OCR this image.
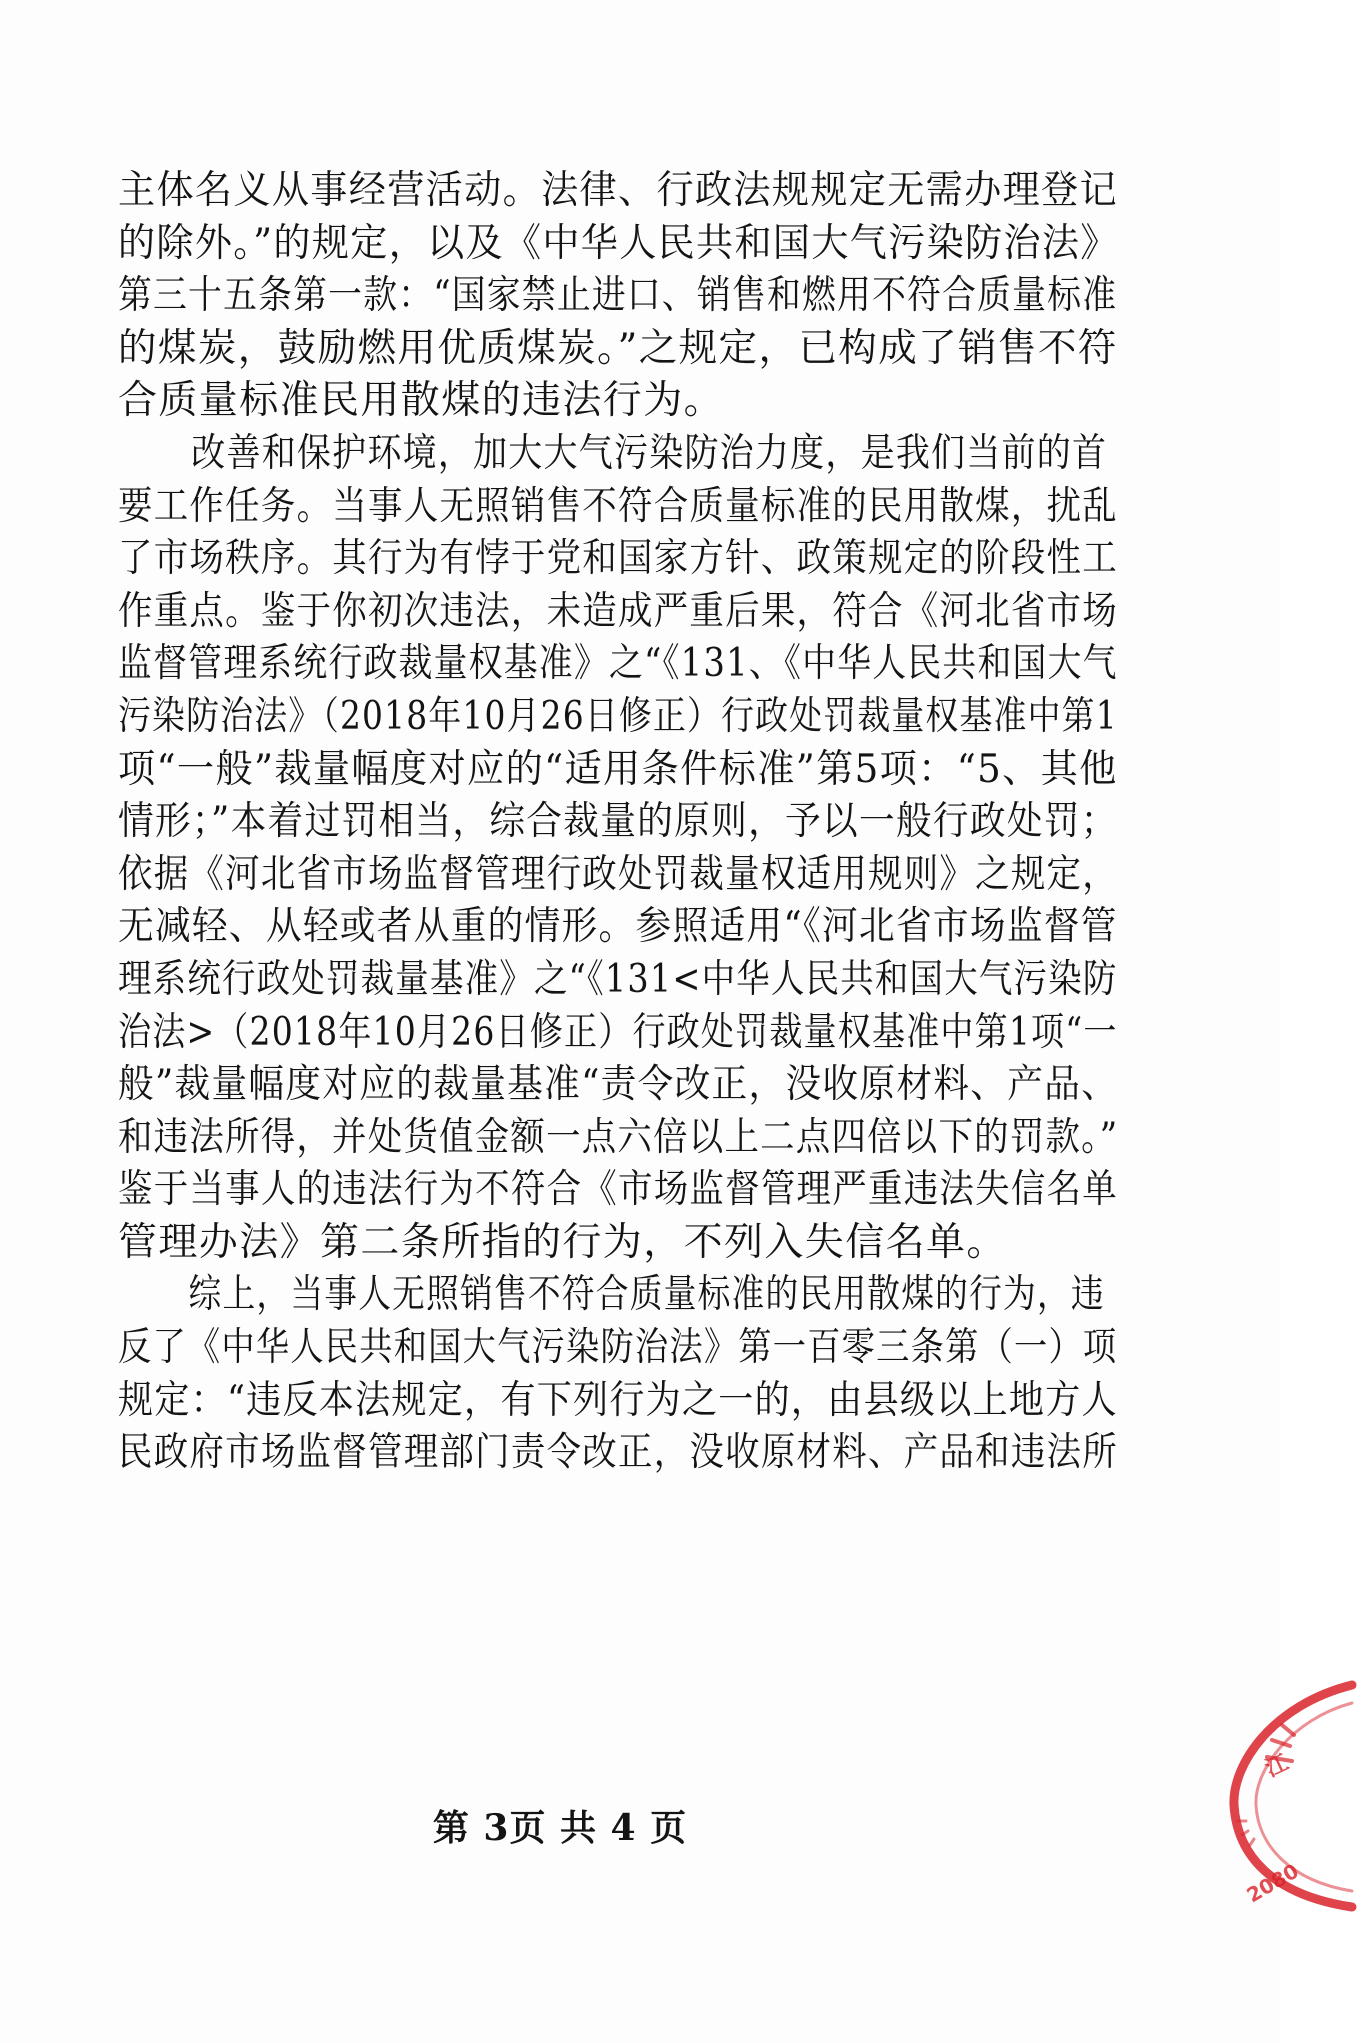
主体名义从事经营活动。法律、行政法规规定无需办理登记
的除外。”的规定，以及《中华人民共和国大气污染防治法》
第三十五条第一款：“国家禁止进口、销售和燃用不符合质量标准
的煤炭，鼓励燃用优质煤炭。”之规定，已构成了销售不符
合质量标准民用散煤的违法行为。
改善和保护环境，加大大气污染防治力度，是我们当前的首
要工作任务。当事人无照销售不符合质量标准的民用散煤，扰乱
了市场秩序。其行为有悖于党和国家方针、政策规定的阶段性工
作重点。鉴于你初次违法，未造成严重后果，符合《河北省市场
监督管理系统行政裁量权基准》之“《131、《中华人民共和国大气
污染防治法》（2018年10月26日修正）行政处罚裁量权基准中第1
项“一般”裁量幅度对应的“适用条件标准”第5项：“5、其他
情形；”本着过罚相当，综合裁量的原则，予以一般行政处罚；
依据《河北省市场监督管理行政处罚裁量权适用规则》之规定，
无减轻、从轻或者从重的情形。参照适用“《河北省市场监督管
理系统行政处罚裁量基准》之“《131<中华人民共和国大气污染防
治法>（2018年10月26日修正）行政处罚裁量权基准中第1项“一
般”裁量幅度对应的裁量基准“责令改正，没收原材料、产品、
和违法所得，并处货值金额一点六倍以上二点四倍以下的罚款。”
鉴于当事人的违法行为不符合《市场监督管理严重违法失信名单
管理办法》第二条所指的行为，不列入失信名单。
综上，当事人无照销售不符合质量标准的民用散煤的行为，违
反了《中华人民共和国大气污染防治法》第一百零三条第（一）项
规定：“违反本法规定，有下列行为之一的，由县级以上地方人
民政府市场监督管理部门责令改正，没收原材料、产品和违法所
第 3页 共 4 页
江
2080
